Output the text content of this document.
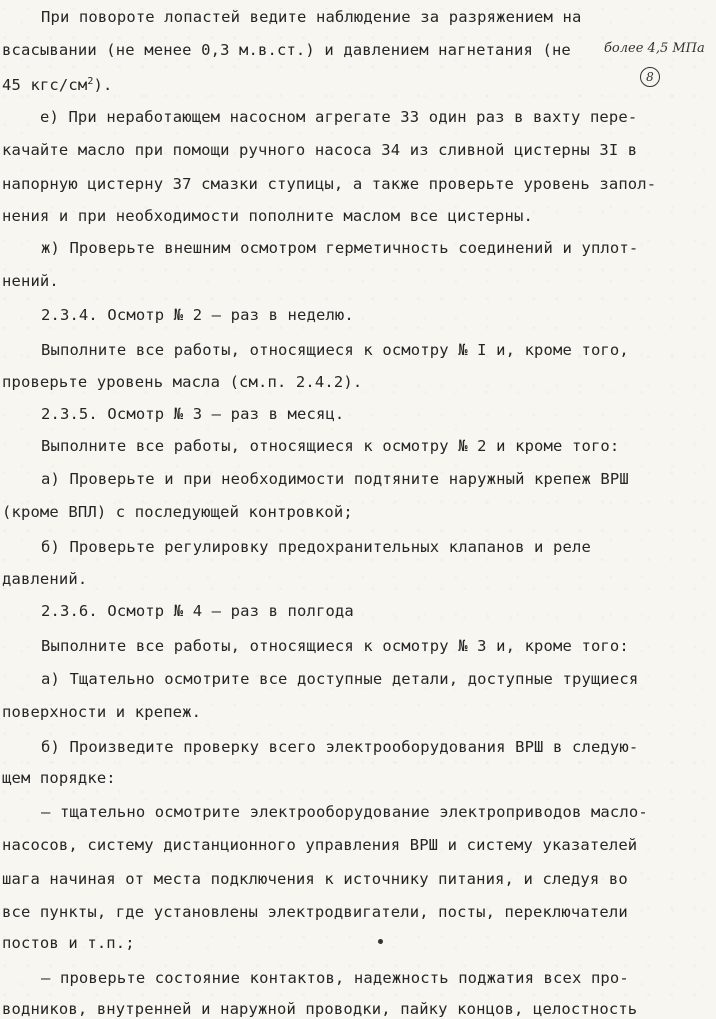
При повороте лопастей ведите наблюдение за разряжением на
всасывании (не менее 0,3 м.в.ст.) и давлением нагнетания (не	более 4,5 МПа
45 кгс/$см^2$).	8
е) При неработающем насосном агрегате 33 один раз в вахту пере-
качайте масло при помощи ручного насоса 34 из сливной цистерны 3I в
напорную цистерну 37 смазки ступицы, а также проверьте уровень запол-
нения и при необходимости пополните маслом все цистерны.
ж) Проверьте внешним осмотром герметичность соединений и уплот-
нений.
2.3.4. Осмотр № 2 – раз в неделю.
Выполните все работы, относящиеся к осмотру № I и, кроме того,
проверьте уровень масла (см.п. 2.4.2).
2.3.5. Осмотр № 3 – раз в месяц.
Выполните все работы, относящиеся к осмотру № 2 и кроме того:
а) Проверьте и при необходимости подтяните наружный крепеж ВРШ
(кроме ВПЛ) с последующей контровкой;
б) Проверьте регулировку предохранительных клапанов и реле
давлений.
2.3.6. Осмотр № 4 – раз в полгода
Выполните все работы, относящиеся к осмотру № 3 и, кроме того:
а) Тщательно осмотрите все доступные детали, доступные трущиеся
поверхности и крепеж.
б) Произведите проверку всего электрооборудования ВРШ в следую-
щем порядке:
– тщательно осмотрите электрооборудование электроприводов масло-
насосов, систему дистанционного управления ВРШ и систему указателей
шага начиная от места подключения к источнику питания, и следуя во
все пункты, где установлены электродвигатели, посты, переключатели
постов и т.п.;
– проверьте состояние контактов, надежность поджатия всех про-
водников, внутренней и наружной проводки, пайку концов, целостность
